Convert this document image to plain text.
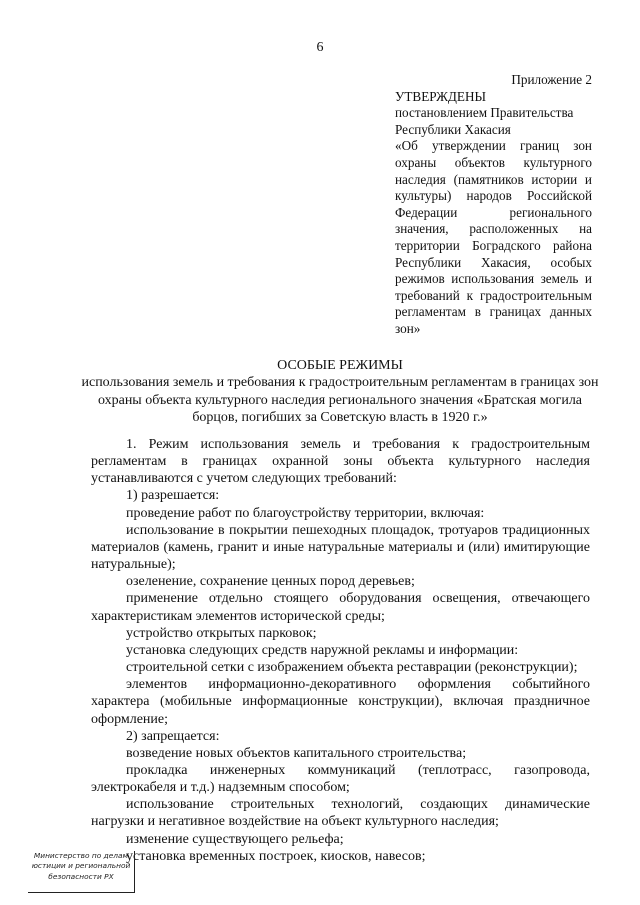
6
Приложение 2
УТВЕРЖДЕНЫ
постановлением Правительства
Республики Хакасия
«Об утверждении границ зон охраны объектов культурного наследия (памятников истории и культуры) народов Российской Федерации регионального значения, расположенных на территории Боградского района Республики Хакасия, особых режимов использования земель и требований к градостроительным регламентам в границах данных зон»
ОСОБЫЕ РЕЖИМЫ
использования земель и требования к градостроительным регламентам в границах зон охраны объекта культурного наследия регионального значения «Братская могила борцов, погибших за Советскую власть в 1920 г.»

1. Режим использования земель и требования к градостроительным регламентам в границах охранной зоны объекта культурного наследия устанавливаются с учетом следующих требований:

1) разрешается:

проведение работ по благоустройству территории, включая:

использование в покрытии пешеходных площадок, тротуаров традиционных материалов (камень, гранит и иные натуральные материалы и (или) имитирующие натуральные);

озеленение, сохранение ценных пород деревьев;

применение отдельно стоящего оборудования освещения, отвечающего характеристикам элементов исторической среды;

устройство открытых парковок;

установка следующих средств наружной рекламы и информации:

строительной сетки с изображением объекта реставрации (реконструкции);

элементов информационно-декоративного оформления событийного характера (мобильные информационные конструкции), включая праздничное оформление;

2) запрещается:

возведение новых объектов капитального строительства;

прокладка инженерных коммуникаций (теплотрасс, газопровода, электрокабеля и т.д.) надземным способом;

использование строительных технологий, создающих динамические нагрузки и негативное воздействие на объект культурного наследия;

изменение существующего рельефа;

установка временных построек, киосков, навесов;

Министерство по делам
юстиции и региональной
безопасности РХ
